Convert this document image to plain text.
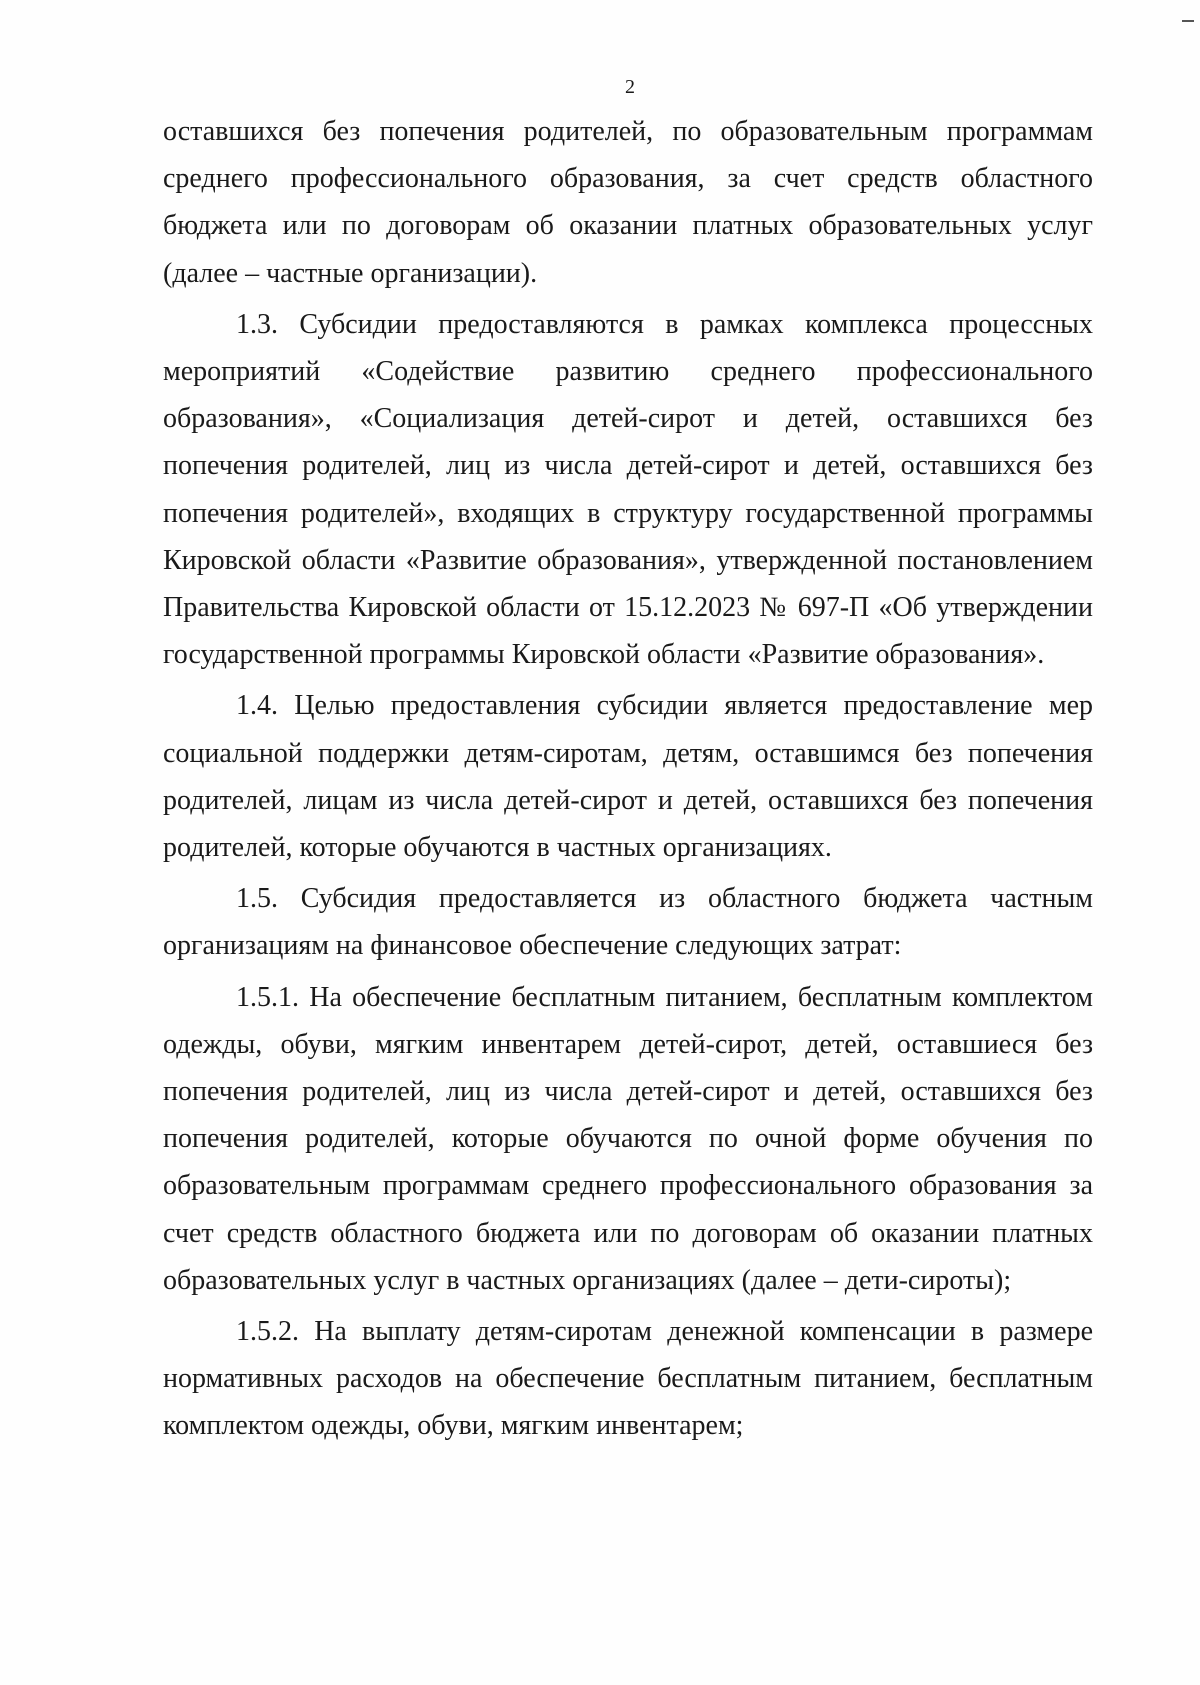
2

оставшихся без попечения родителей, по образовательным программам среднего профессионального образования, за счет средств областного бюджета или по договорам об оказании платных образовательных услуг (далее – частные организации).

1.3. Субсидии предоставляются в рамках комплекса процессных мероприятий «Содействие развитию среднего профессионального образования», «Социализация детей-сирот и детей, оставшихся без попечения родителей, лиц из числа детей-сирот и детей, оставшихся без попечения родителей», входящих в структуру государственной программы Кировской области «Развитие образования», утвержденной постановлением Правительства Кировской области от 15.12.2023 № 697-П «Об утверждении государственной программы Кировской области «Развитие образования».

1.4. Целью предоставления субсидии является предоставление мер социальной поддержки детям-сиротам, детям, оставшимся без попечения родителей, лицам из числа детей-сирот и детей, оставшихся без попечения родителей, которые обучаются в частных организациях.

1.5. Субсидия предоставляется из областного бюджета частным организациям на финансовое обеспечение следующих затрат:

1.5.1. На обеспечение бесплатным питанием, бесплатным комплектом одежды, обуви, мягким инвентарем детей-сирот, детей, оставшиеся без попечения родителей, лиц из числа детей-сирот и детей, оставшихся без попечения родителей, которые обучаются по очной форме обучения по образовательным программам среднего профессионального образования за счет средств областного бюджета или по договорам об оказании платных образовательных услуг в частных организациях (далее – дети-сироты);

1.5.2. На выплату детям-сиротам денежной компенсации в размере нормативных расходов на обеспечение бесплатным питанием, бесплатным комплектом одежды, обуви, мягким инвентарем;
